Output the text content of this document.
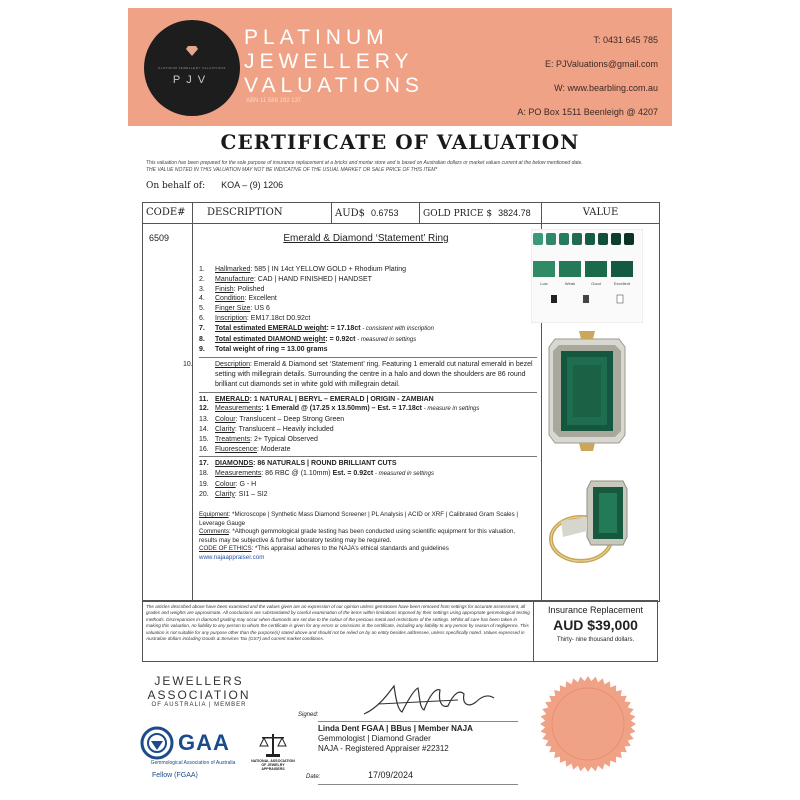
PLATINUM JEWELLERY VALUATIONS
PJV
PLATINUM
JEWELLERY
VALUATIONS
ABN 11 588 192 137
T: 0431 645 785
E: PJValuations@gmail.com
W: www.bearbling.com.au
A: PO Box 1511 Beenleigh @ 4207
CERTIFICATE OF VALUATION
This valuation has been prepared for the sole purpose of insurance replacement at a bricks and mortar store and is based on Australian dollars or market values current at the below mentioned date.
THE VALUE NOTED IN THIS VALUATION MAY NOT BE INDICATIVE OF THE USUAL MARKET OR SALE PRICE OF THIS ITEM*
On behalf of: KOA – (9) 1206
CODE#	DESCRIPTION	AUD$ 0.6753	GOLD PRICE $ 3824.78	VALUE
6509	Emerald & Diamond ‘Statement’ Ring
1. Hallmarked: 585 | IN 14ct YELLOW GOLD + Rhodium Plating
2. Manufacture: CAD | HAND FINISHED | HANDSET
3. Finish: Polished
4. Condition: Excellent
5. Finger Size: US 6
6. Inscription: EM17.18ct D0.92ct
7. Total estimated EMERALD weight: = 17.18ct - consistent with inscription
8. Total estimated DIAMOND weight: = 0.92ct - measured in settings
9. Total weight of ring = 13.00 grams
10.	Description: Emerald & Diamond set ‘Statement’ ring. Featuring 1 emerald cut natural emerald in bezel setting with millegrain details. Surrounding the centre in a halo and down the shoulders are 86 round brilliant cut diamonds set in white gold with millegrain detail.
11. EMERALD: 1 NATURAL | BERYL – EMERALD | ORIGIN - ZAMBIAN
12. Measurements: 1 Emerald @ (17.25 x 13.50mm) – Est. = 17.18ct - measure in settings
13. Colour: Translucent – Deep Strong Green
14. Clarity: Translucent – Heavily included
15. Treatments: 2+ Typical Observed
16. Fluorescence: Moderate
17. DIAMONDS: 86 NATURALS | ROUND BRILLIANT CUTS
18. Measurements: 86 RBC @ (1.10mm) Est. = 0.92ct - measured in settings
19. Colour: G - H
20. Clarity: SI1 – SI2
Equipment: *Microscope | Synthetic Mass Diamond Screener | PL Analysis | ACID or XRF | Calibrated Gram Scales | Leverage Gauge
Comments: *Although gemmological grade testing has been conducted using scientific equipment for this valuation, results may be subjective & further laboratory testing may be required.
CODE OF ETHICS: *This appraisal adheres to the NAJA’s ethical standards and guidelines
www.najaappraiser.com
Low	Weak	Good	Excellent
The articles described above have been examined and the values given are an expression of our opinion unless gemstones have been removed from settings for accurate assessment, all grades and weights are approximate. All conclusions are substantiated by careful examination of the items within limitations imposed by their settings using appropriate gemmological testing methods. Discrepancies in diamond grading may occur when diamonds are set due to the colour of the precious metal and restrictions of the settings. Whilst all care has been taken in making this valuation, no liability to any person to whom the certificate is given for any errors or omissions in the certificate, including any liability to any person by reason of negligence. This valuation is not suitable for any purpose other than the purpose(s) stated above and should not be relied on by an entity besides addressee, unless specifically noted. Values expressed in Australian dollars including Goods & Services Tax (GST) and current market conditions.
Insurance Replacement
AUD $39,000
Thirty- nine thousand dollars.
JEWELLERS
ASSOCIATION
OF AUSTRALIA | MEMBER
GAA
Gemmological Association of Australia
Fellow (FGAA)
NATIONAL ASSOCIATION OF JEWELRY APPRAISERS
Signed:
Linda Dent FGAA | BBus | Member NAJA
Gemmologist | Diamond Grader
NAJA - Registered Appraiser #22312
Date:	17/09/2024
